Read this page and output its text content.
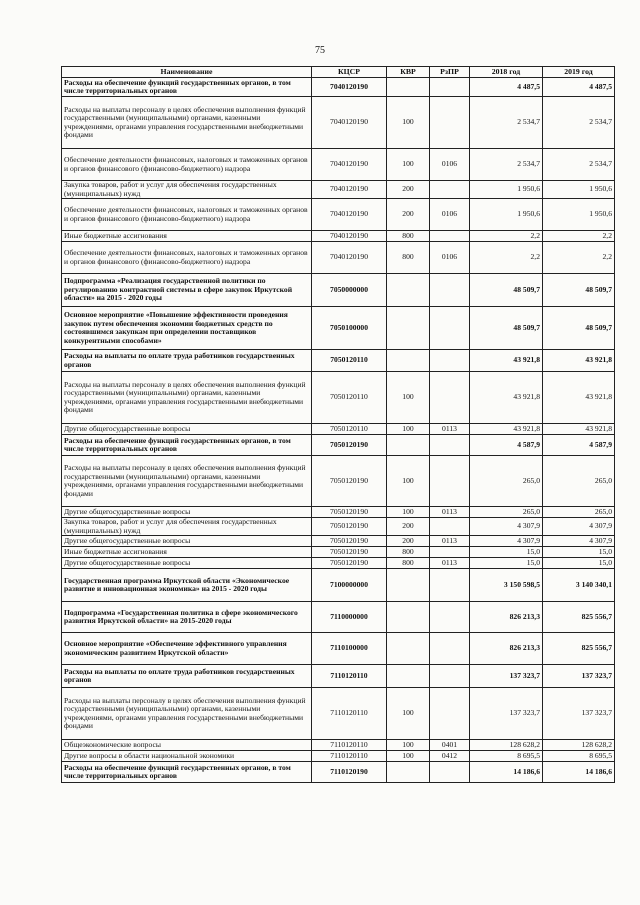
75
Наименование	КЦСР	КВР	РзПР	2018 год	2019 год
Расходы на обеспечение функций государственных органов, в том числе территориальных органов	7040120190			4 487,5	4 487,5
Расходы на выплаты персоналу в целях обеспечения выполнения функций государственными (муниципальными) органами, казенными учреждениями, органами управления государственными внебюджетными фондами	7040120190	100		2 534,7	2 534,7
Обеспечение деятельности финансовых, налоговых и таможенных органов и органов финансового (финансово-бюджетного) надзора	7040120190	100	0106	2 534,7	2 534,7
Закупка товаров, работ и услуг для обеспечения государственных (муниципальных) нужд	7040120190	200		1 950,6	1 950,6
Обеспечение деятельности финансовых, налоговых и таможенных органов и органов финансового (финансово-бюджетного) надзора	7040120190	200	0106	1 950,6	1 950,6
Иные бюджетные ассигнования	7040120190	800		2,2	2,2
Обеспечение деятельности финансовых, налоговых и таможенных органов и органов финансового (финансово-бюджетного) надзора	7040120190	800	0106	2,2	2,2
Подпрограмма «Реализация государственной политики по регулированию контрактной системы в сфере закупок Иркутской области» на 2015 - 2020 годы	7050000000			48 509,7	48 509,7
Основное мероприятие «Повышение эффективности проведения закупок путем обеспечения экономии бюджетных средств по состоявшимся закупкам при определении поставщиков конкурентными способами»	7050100000			48 509,7	48 509,7
Расходы на выплаты по оплате труда работников государственных органов	7050120110			43 921,8	43 921,8
Расходы на выплаты персоналу в целях обеспечения выполнения функций государственными (муниципальными) органами, казенными учреждениями, органами управления государственными внебюджетными фондами	7050120110	100		43 921,8	43 921,8
Другие общегосударственные вопросы	7050120110	100	0113	43 921,8	43 921,8
Расходы на обеспечение функций государственных органов, в том числе территориальных органов	7050120190			4 587,9	4 587,9
Расходы на выплаты персоналу в целях обеспечения выполнения функций государственными (муниципальными) органами, казенными учреждениями, органами управления государственными внебюджетными фондами	7050120190	100		265,0	265,0
Другие общегосударственные вопросы	7050120190	100	0113	265,0	265,0
Закупка товаров, работ и услуг для обеспечения государственных (муниципальных) нужд	7050120190	200		4 307,9	4 307,9
Другие общегосударственные вопросы	7050120190	200	0113	4 307,9	4 307,9
Иные бюджетные ассигнования	7050120190	800		15,0	15,0
Другие общегосударственные вопросы	7050120190	800	0113	15,0	15,0
Государственная программа Иркутской области «Экономическое развитие и инновационная экономика» на 2015 - 2020 годы	7100000000			3 150 598,5	3 140 340,1
Подпрограмма «Государственная политика в сфере экономического развития Иркутской области» на 2015-2020 годы	7110000000			826 213,3	825 556,7
Основное мероприятие «Обеспечение эффективного управления экономическим развитием Иркутской области»	7110100000			826 213,3	825 556,7
Расходы на выплаты по оплате труда работников государственных органов	7110120110			137 323,7	137 323,7
Расходы на выплаты персоналу в целях обеспечения выполнения функций государственными (муниципальными) органами, казенными учреждениями, органами управления государственными внебюджетными фондами	7110120110	100		137 323,7	137 323,7
Общеэкономические вопросы	7110120110	100	0401	128 628,2	128 628,2
Другие вопросы в области национальной экономики	7110120110	100	0412	8 695,5	8 695,5
Расходы на обеспечение функций государственных органов, в том числе территориальных органов	7110120190			14 186,6	14 186,6
